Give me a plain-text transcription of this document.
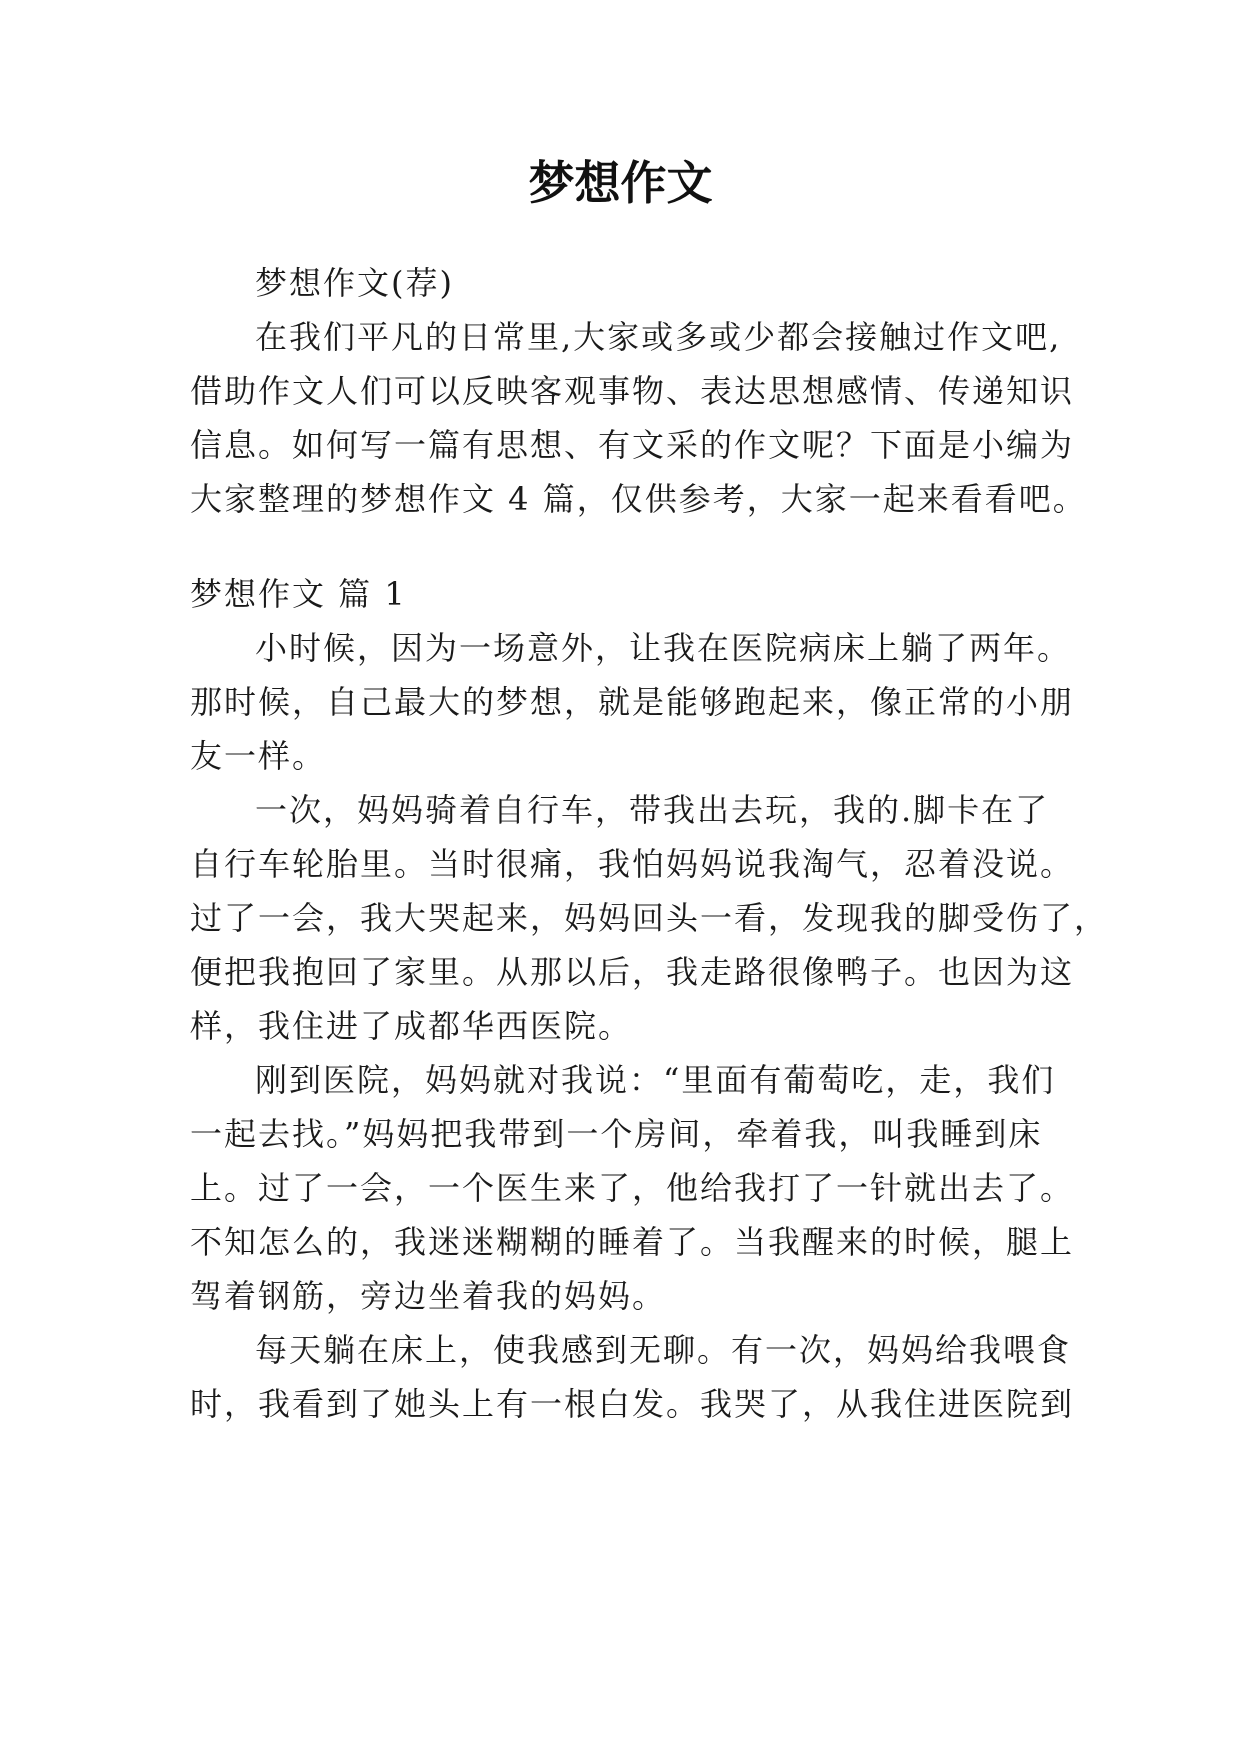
梦想作文
梦想作文(荐)
在我们平凡的日常里,大家或多或少都会接触过作文吧,
借助作文人们可以反映客观事物、表达思想感情、传递知识
信息。如何写一篇有思想、有文采的作文呢？下面是小编为
大家整理的梦想作文 4 篇，仅供参考，大家一起来看看吧。
梦想作文 篇 1
小时候，因为一场意外，让我在医院病床上躺了两年。
那时候，自己最大的梦想，就是能够跑起来，像正常的小朋
友一样。
一次，妈妈骑着自行车，带我出去玩，我的.脚卡在了
自行车轮胎里。当时很痛，我怕妈妈说我淘气，忍着没说。
过了一会，我大哭起来，妈妈回头一看，发现我的脚受伤了，
便把我抱回了家里。从那以后，我走路很像鸭子。也因为这
样，我住进了成都华西医院。
刚到医院，妈妈就对我说：“里面有葡萄吃，走，我们
一起去找。”妈妈把我带到一个房间，牵着我，叫我睡到床
上。过了一会，一个医生来了，他给我打了一针就出去了。
不知怎么的，我迷迷糊糊的睡着了。当我醒来的时候，腿上
驾着钢筋，旁边坐着我的妈妈。
每天躺在床上，使我感到无聊。有一次，妈妈给我喂食
时，我看到了她头上有一根白发。我哭了，从我住进医院到
